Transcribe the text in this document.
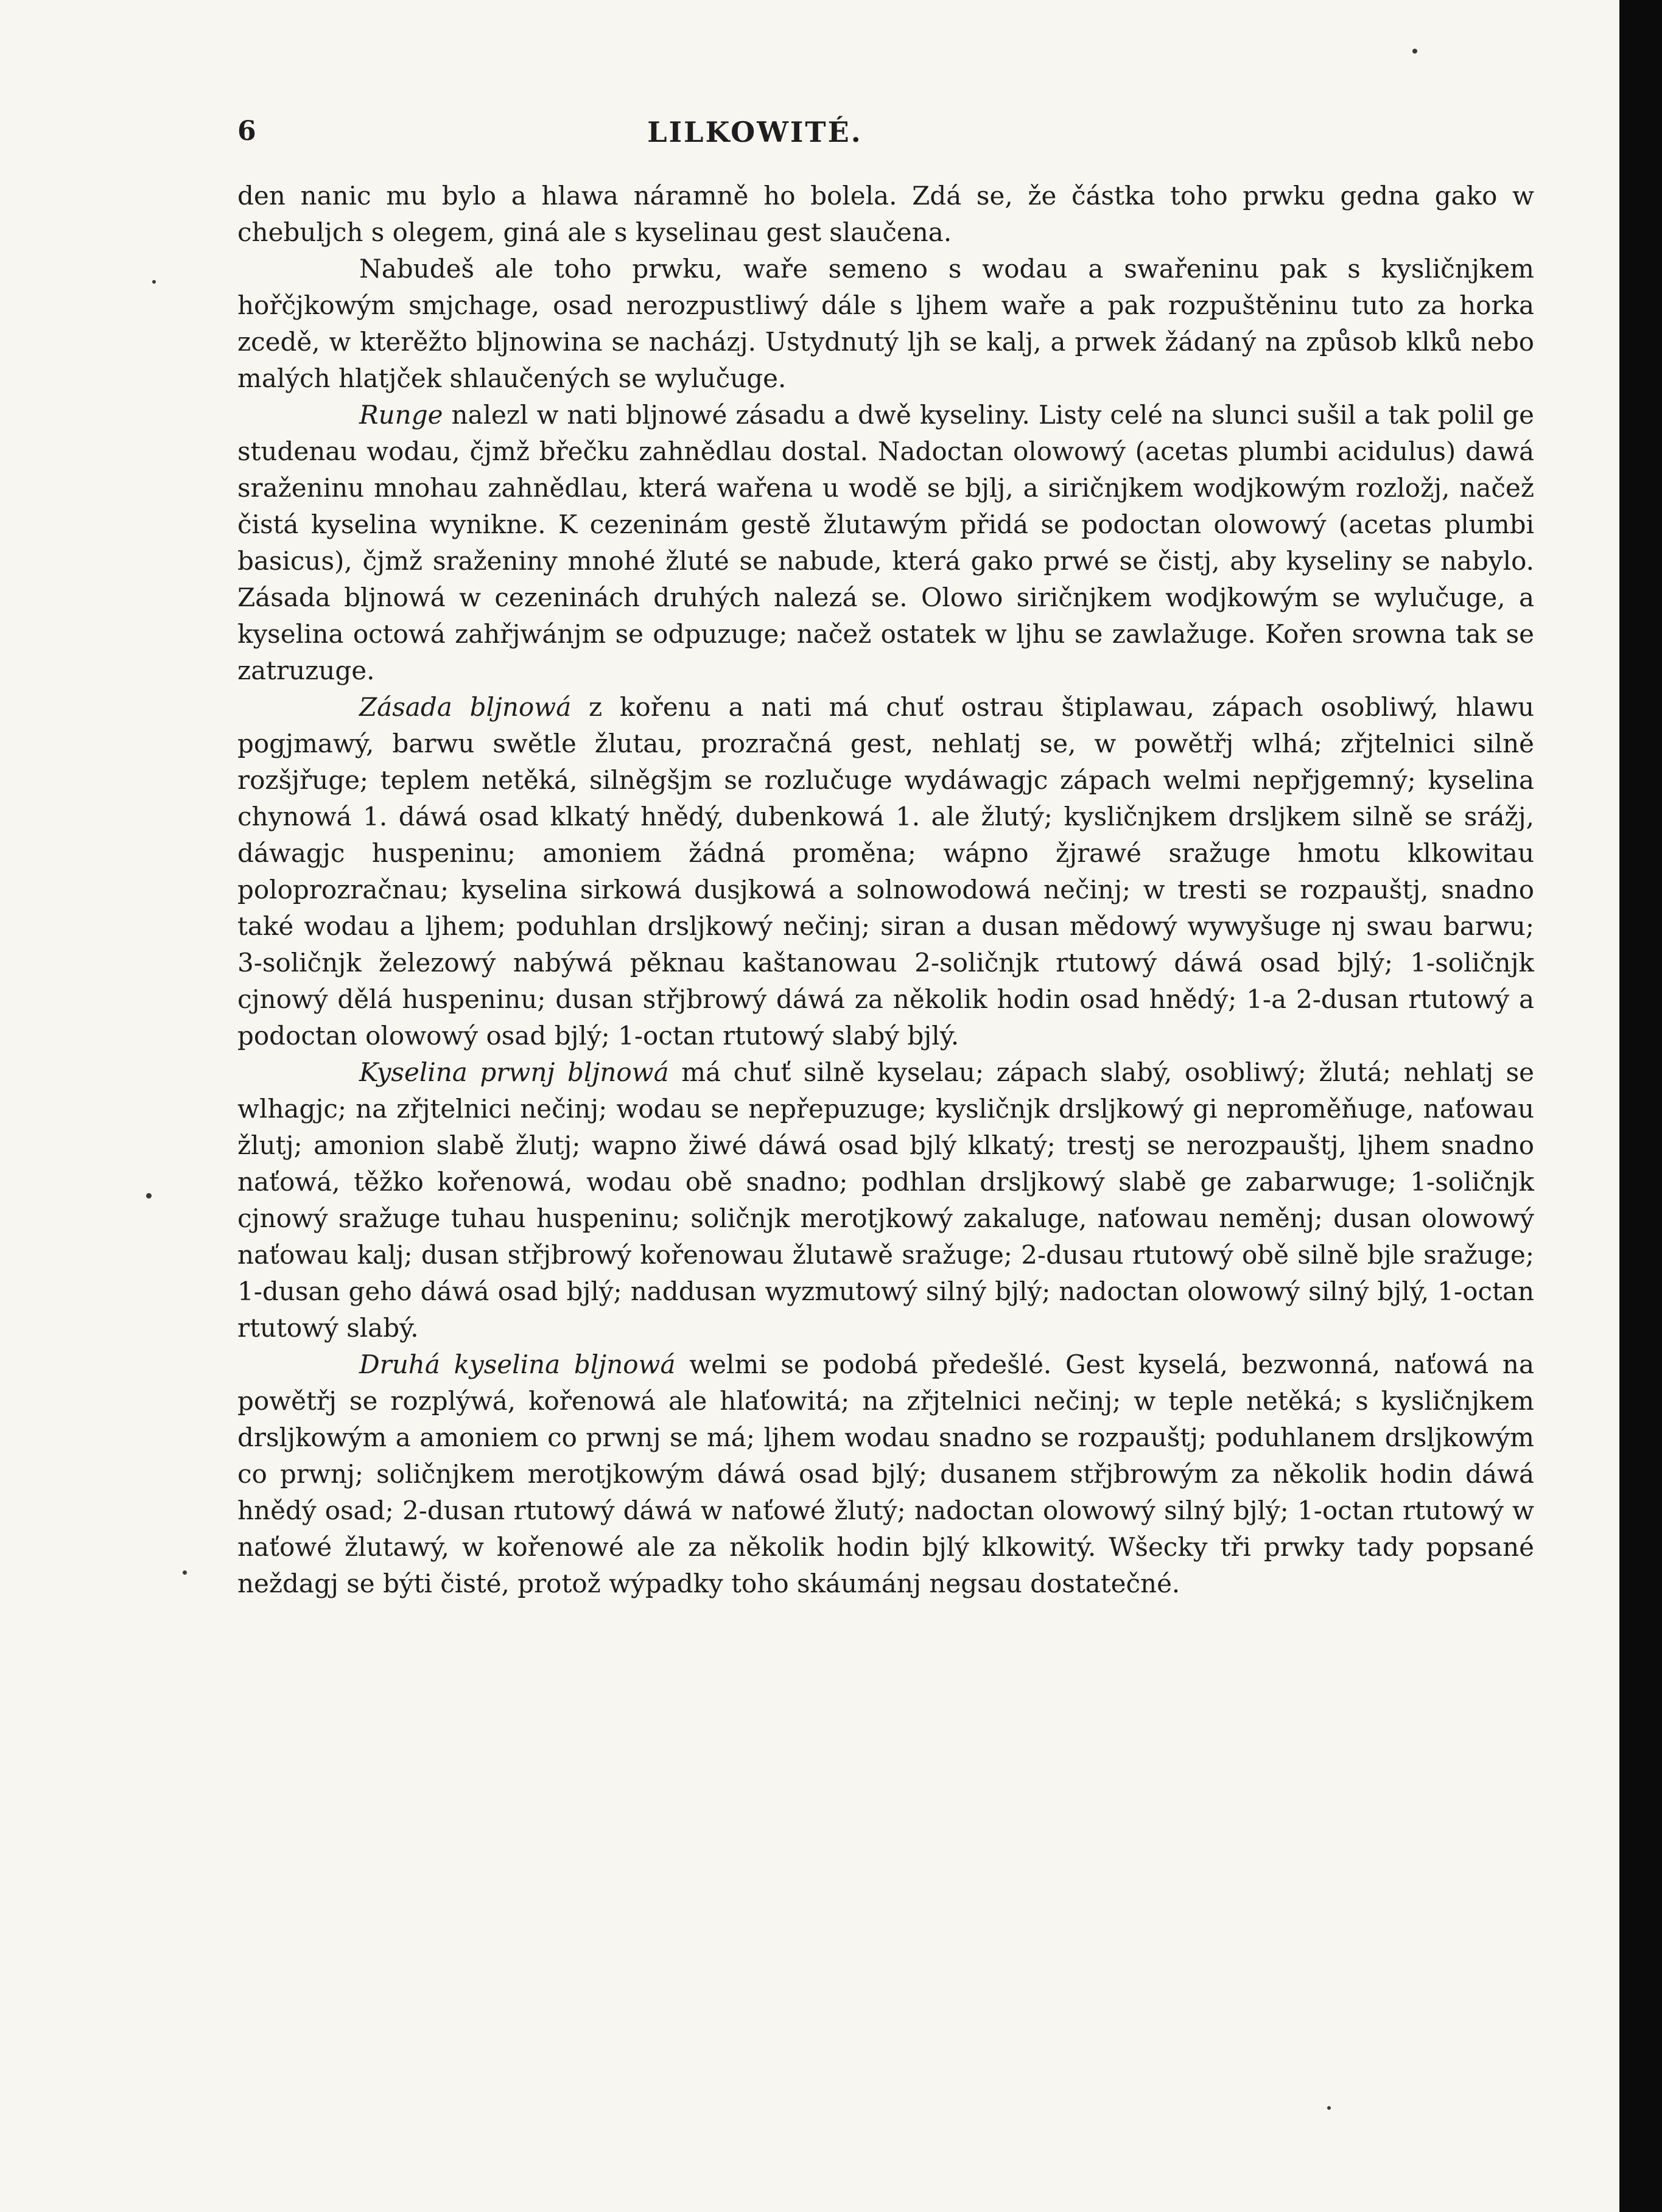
6	LILKOWITÉ.

den nanic mu bylo a hlawa náramně ho bolela. Zdá se, že částka toho prwku gedna gako w chebuljch s olegem, giná ale s kyselinau gest slaučena.

Nabudeš ale toho prwku, waře semeno s wodau a swařeninu pak s kysličnjkem hořčjkowým smjchage, osad nerozpustliwý dále s ljhem waře a pak rozpuštěninu tuto za horka zcedě, w kterěžto bljnowina se nacházj. Ustydnutý ljh se kalj, a prwek žádaný na způsob klků nebo malých hlatjček shlaučených se wylučuge.

Runge nalezl w nati bljnowé zásadu a dwě kyseliny. Listy celé na slunci sušil a tak polil ge studenau wodau, čjmž břečku zahnědlau dostal. Nadoctan olowowý (acetas plumbi acidulus) dawá sraženinu mnohau zahnědlau, která wařena u wodě se bjlj, a siričnjkem wodjkowým rozložj, načež čistá kyselina wynikne. K cezeninám gestě žlutawým přidá se podoctan olowowý (acetas plumbi basicus), čjmž sraženiny mnohé žluté se nabude, která gako prwé se čistj, aby kyseliny se nabylo. Zásada bljnowá w cezeninách druhých nalezá se. Olowo siričnjkem wodjkowým se wylučuge, a kyselina octowá zahřjwánjm se odpuzuge; načež ostatek w ljhu se zawlažuge. Kořen srowna tak se zatruzuge.

Zásada bljnowá z kořenu a nati má chuť ostrau štiplawau, zápach osobliwý, hlawu pogjmawý, barwu swětle žlutau, prozračná gest, nehlatj se, w powětřj wlhá; zřjtelnici silně rozšjřuge; teplem netěká, silněgšjm se rozlučuge wydáwagjc zápach welmi nepřjgemný; kyselina chynowá 1. dáwá osad klkatý hnědý, dubenkowá 1. ale žlutý; kysličnjkem drsljkem silně se srážj, dáwagjc huspeninu; amoniem žádná proměna; wápno žjrawé sražuge hmotu klkowitau poloprozračnau; kyselina sirkowá dusjkowá a solnowodowá nečinj; w tresti se rozpauštj, snadno také wodau a ljhem; poduhlan drsljkowý nečinj; siran a dusan mědowý wywyšuge nj swau barwu; 3-soličnjk železowý nabýwá pěknau kaštanowau 2-soličnjk rtutowý dáwá osad bjlý; 1-soličnjk cjnowý dělá huspeninu; dusan střjbrowý dáwá za několik hodin osad hnědý; 1-a 2-dusan rtutowý a podoctan olowowý osad bjlý; 1-octan rtutowý slabý bjlý.

Kyselina prwnj bljnowá má chuť silně kyselau; zápach slabý, osobliwý; žlutá; nehlatj se wlhagjc; na zřjtelnici nečinj; wodau se nepřepuzuge; kysličnjk drsljkowý gi neproměňuge, naťowau žlutj; amonion slabě žlutj; wapno žiwé dáwá osad bjlý klkatý; trestj se nerozpauštj, ljhem snadno naťowá, těžko kořenowá, wodau obě snadno; podhlan drsljkowý slabě ge zabarwuge; 1-soličnjk cjnowý sražuge tuhau huspeninu; soličnjk merotjkowý zakaluge, naťowau neměnj; dusan olowowý naťowau kalj; dusan střjbrowý kořenowau žlutawě sražuge; 2-dusau rtutowý obě silně bjle sražuge; 1-dusan geho dáwá osad bjlý; naddusan wyzmutowý silný bjlý; nadoctan olowowý silný bjlý, 1-octan rtutowý slabý.

Druhá kyselina bljnowá welmi se podobá předešlé. Gest kyselá, bezwonná, naťowá na powětřj se rozplýwá, kořenowá ale hlaťowitá; na zřjtelnici nečinj; w teple netěká; s kysličnjkem drsljkowým a amoniem co prwnj se má; ljhem wodau snadno se rozpauštj; poduhlanem drsljkowým co prwnj; soličnjkem merotjkowým dáwá osad bjlý; dusanem střjbrowým za několik hodin dáwá hnědý osad; 2-dusan rtutowý dáwá w naťowé žlutý; nadoctan olowowý silný bjlý; 1-octan rtutowý w naťowé žlutawý, w kořenowé ale za několik hodin bjlý klkowitý. Wšecky tři prwky tady popsané neždagj se býti čisté, protož wýpadky toho skáumánj negsau dostatečné.
